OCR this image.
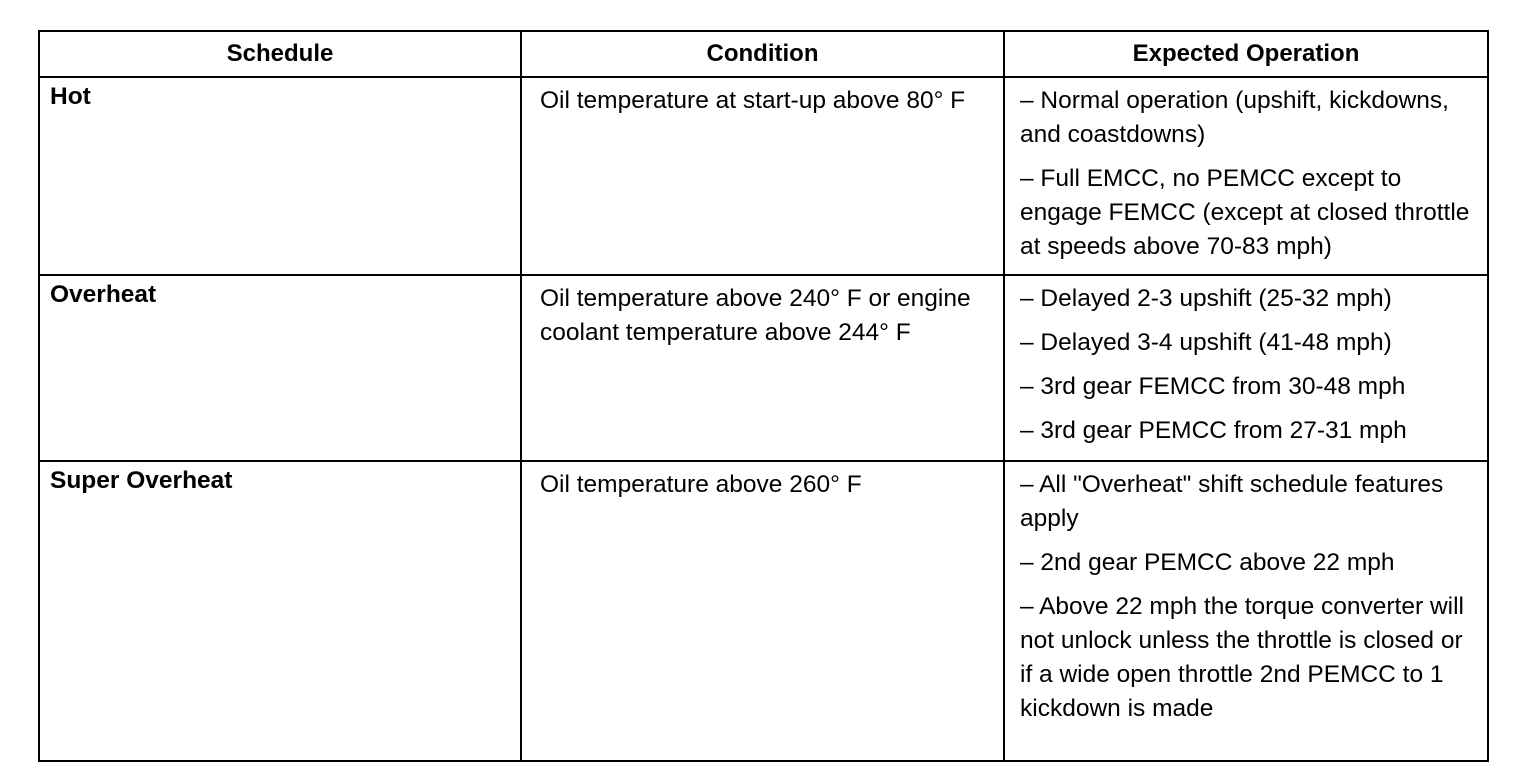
Schedule	Condition	Expected Operation
Hot	Oil temperature at start-up above 80° F	– Normal operation (upshift, kickdowns, and coastdowns)
– Full EMCC, no PEMCC except to engage FEMCC (except at closed throttle at speeds above 70-83 mph)

Overheat	Oil temperature above 240° F or engine coolant temperature above 244° F	– Delayed 2-3 upshift (25-32 mph)
– Delayed 3-4 upshift (41-48 mph)
– 3rd gear FEMCC from 30-48 mph
– 3rd gear PEMCC from 27-31 mph

Super Overheat	Oil temperature above 260° F	– All "Overheat" shift schedule features apply
– 2nd gear PEMCC above 22 mph
– Above 22 mph the torque converter will not unlock unless the throttle is closed or if a wide open throttle 2nd PEMCC to 1 kickdown is made
